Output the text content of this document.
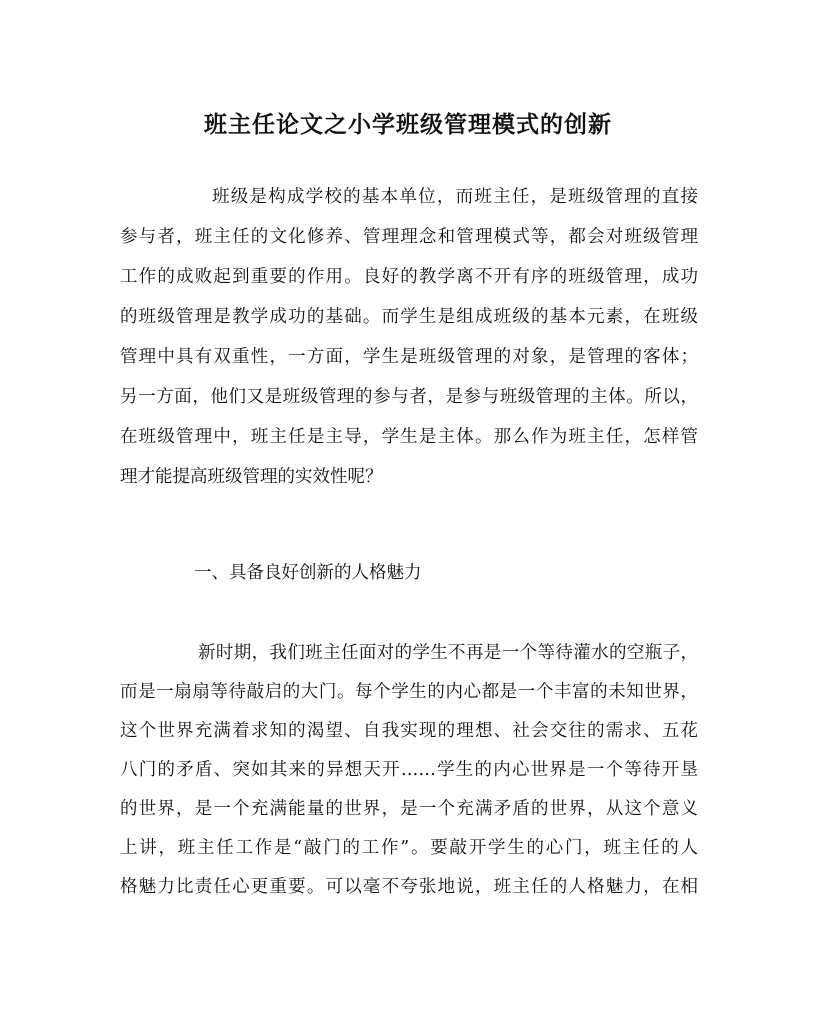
班主任论文之小学班级管理模式的创新
班级是构成学校的基本单位，而班主任，是班级管理的直接
参与者，班主任的文化修养、管理理念和管理模式等，都会对班级管理
工作的成败起到重要的作用。良好的教学离不开有序的班级管理，成功
的班级管理是教学成功的基础。而学生是组成班级的基本元素，在班级
管理中具有双重性，一方面，学生是班级管理的对象，是管理的客体；
另一方面，他们又是班级管理的参与者，是参与班级管理的主体。所以，
在班级管理中，班主任是主导，学生是主体。那么作为班主任，怎样管
理才能提高班级管理的实效性呢？
一、具备良好创新的人格魅力
新时期，我们班主任面对的学生不再是一个等待灌水的空瓶子，
而是一扇扇等待敲启的大门。每个学生的内心都是一个丰富的未知世界，
这个世界充满着求知的渴望、自我实现的理想、社会交往的需求、五花
八门的矛盾、突如其来的异想天开……学生的内心世界是一个等待开垦
的世界，是一个充满能量的世界，是一个充满矛盾的世界，从这个意义
上讲，班主任工作是“敲门的工作”。要敲开学生的心门，班主任的人
格魅力比责任心更重要。可以毫不夸张地说，班主任的人格魅力，在相
